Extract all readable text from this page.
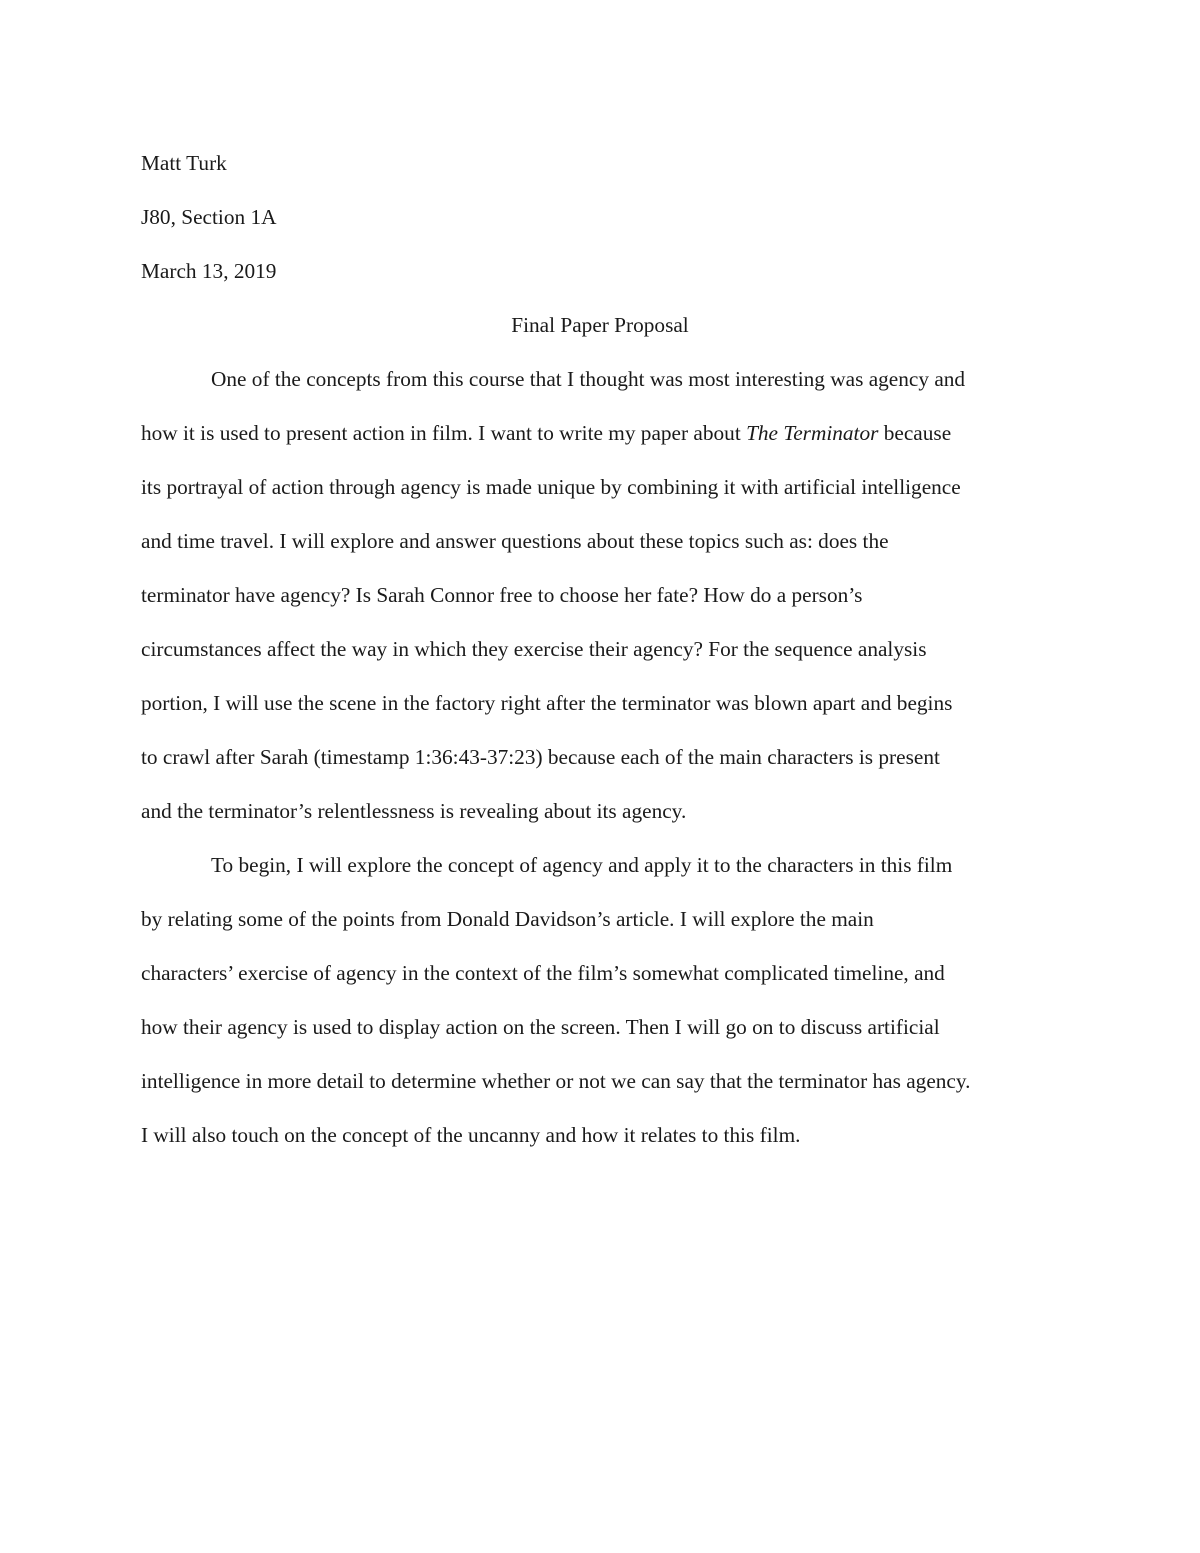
Matt Turk
J80, Section 1A
March 13, 2019
Final Paper Proposal
One of the concepts from this course that I thought was most interesting was agency and
how it is used to present action in film. I want to write my paper about The Terminator because
its portrayal of action through agency is made unique by combining it with artificial intelligence
and time travel. I will explore and answer questions about these topics such as: does the
terminator have agency? Is Sarah Connor free to choose her fate? How do a person’s
circumstances affect the way in which they exercise their agency? For the sequence analysis
portion, I will use the scene in the factory right after the terminator was blown apart and begins
to crawl after Sarah (timestamp 1:36:43-37:23) because each of the main characters is present
and the terminator’s relentlessness is revealing about its agency.
To begin, I will explore the concept of agency and apply it to the characters in this film
by relating some of the points from Donald Davidson’s article. I will explore the main
characters’ exercise of agency in the context of the film’s somewhat complicated timeline, and
how their agency is used to display action on the screen. Then I will go on to discuss artificial
intelligence in more detail to determine whether or not we can say that the terminator has agency.
I will also touch on the concept of the uncanny and how it relates to this film.
